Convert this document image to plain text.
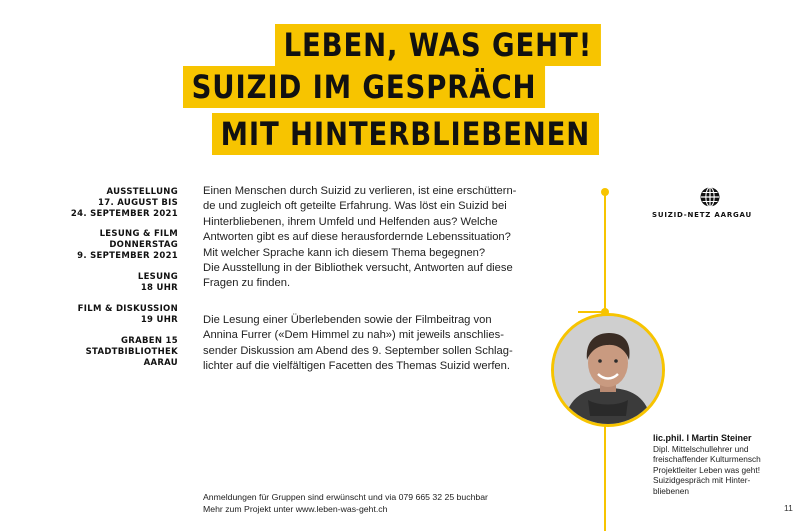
LEBEN, WAS GEHT!
SUIZID IM GESPRÄCH
MIT HINTERBLIEBENEN
AUSSTELLUNG
17. AUGUST BIS
24. SEPTEMBER 2021
LESUNG & FILM
DONNERSTAG
9. SEPTEMBER 2021
LESUNG
18 UHR
FILM & DISKUSSION
19 UHR
GRABEN 15
STADTBIBLIOTHEK
AARAU

Einen Menschen durch Suizid zu verlieren, ist eine erschüttern-

de und zugleich oft geteilte Erfahrung. Was löst ein Suizid bei

Hinterbliebenen, ihrem Umfeld und Helfenden aus? Welche

Antworten gibt es auf diese herausfordernde Lebenssituation?

Mit welcher Sprache kann ich diesem Thema begegnen?

Die Ausstellung in der Bibliothek versucht, Antworten auf diese

Fragen zu finden.

Die Lesung einer Überlebenden sowie der Filmbeitrag von

Annina Furrer («Dem Himmel zu nah») mit jeweils anschlies-

sender Diskussion am Abend des 9. September sollen Schlag-

lichter auf die vielfältigen Facetten des Themas Suizid werfen.

SUIZID-NETZ AARGAU
lic.phil. I Martin Steiner
Dipl. Mittelschullehrer und
freischaffender Kulturmensch
Projektleiter Leben was geht!
Suizidgespräch mit Hinter-
bliebenen
Anmeldungen für Gruppen sind erwünscht und via 079 665 32 25 buchbar
Mehr zum Projekt unter www.leben-was-geht.ch	11
